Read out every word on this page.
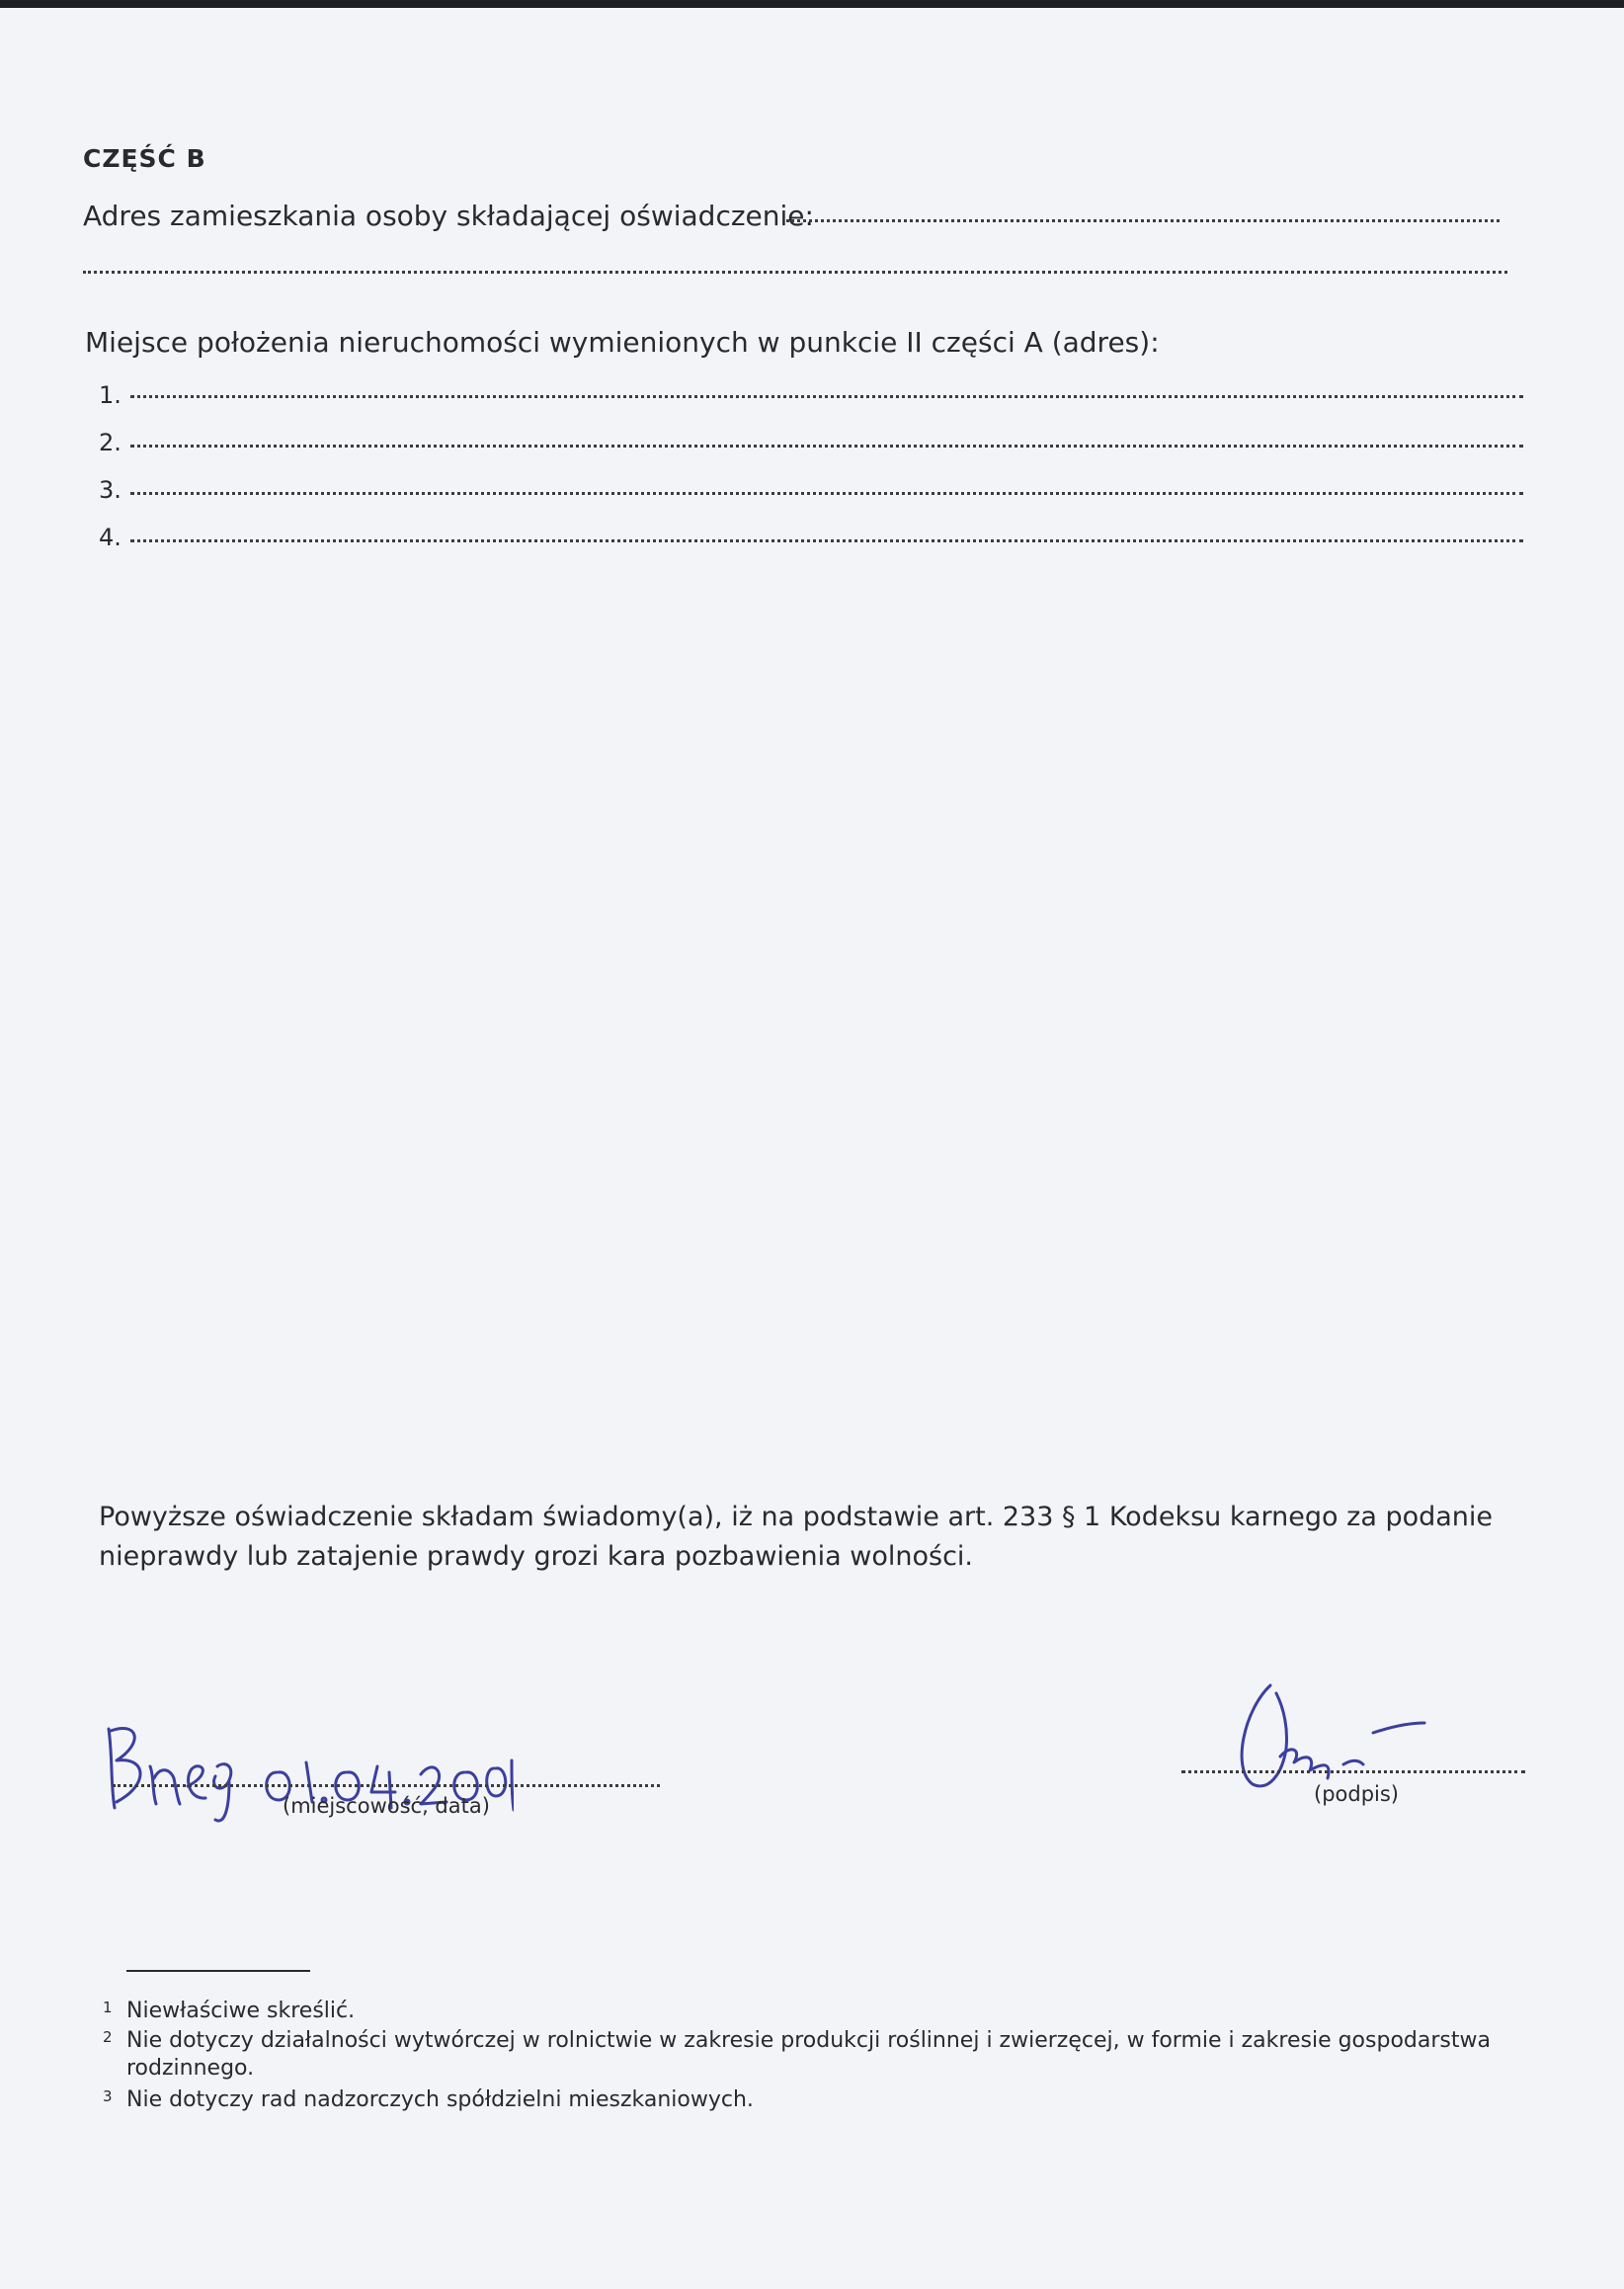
CZĘŚĆ B
Adres zamieszkania osoby składającej oświadczenie:
Miejsce położenia nieruchomości wymienionych w punkcie II części A (adres):
1.
2.
3.
4.
Powyższe oświadczenie składam świadomy(a), iż na podstawie art. 233 § 1 Kodeksu karnego za podanie nieprawdy lub zatajenie prawdy grozi kara pozbawienia wolności.
(miejscowość, data)	(podpis)
1 Niewłaściwe skreślić.
2 Nie dotyczy działalności wytwórczej w rolnictwie w zakresie produkcji roślinnej i zwierzęcej, w formie i zakresie gospodarstwa rodzinnego.
3 Nie dotyczy rad nadzorczych spółdzielni mieszkaniowych.
